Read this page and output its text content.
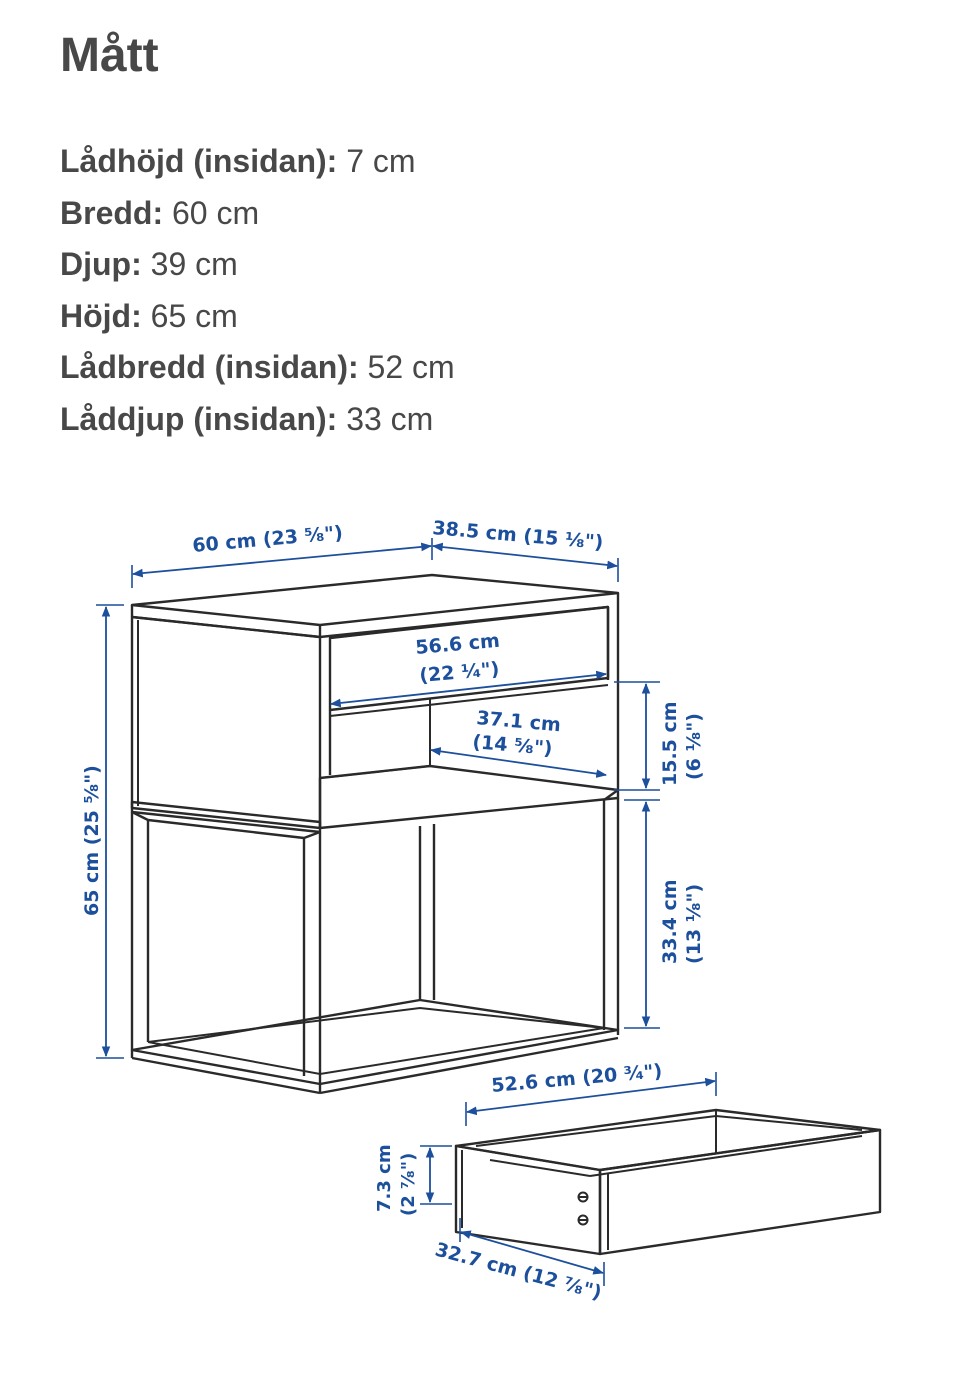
Mått
Lådhöjd (insidan): 7 cm
Bredd: 60 cm
Djup: 39 cm
Höjd: 65 cm
Lådbredd (insidan): 52 cm
Låddjup (insidan): 33 cm
60 cm (23 ⁵⁄₈")	38.5 cm (15 ¹⁄₈")
56.6 cm
(22 ¹⁄₄")
37.1 cm
(14 ⁵⁄₈")
65 cm (25 ⁵⁄₈")
15.5 cm (6 ¹⁄₈")
33.4 cm (13 ¹⁄₈")
52.6 cm (20 ³⁄₄")
7.3 cm (2 ⁷⁄₈")
32.7 cm (12 ⁷⁄₈")
